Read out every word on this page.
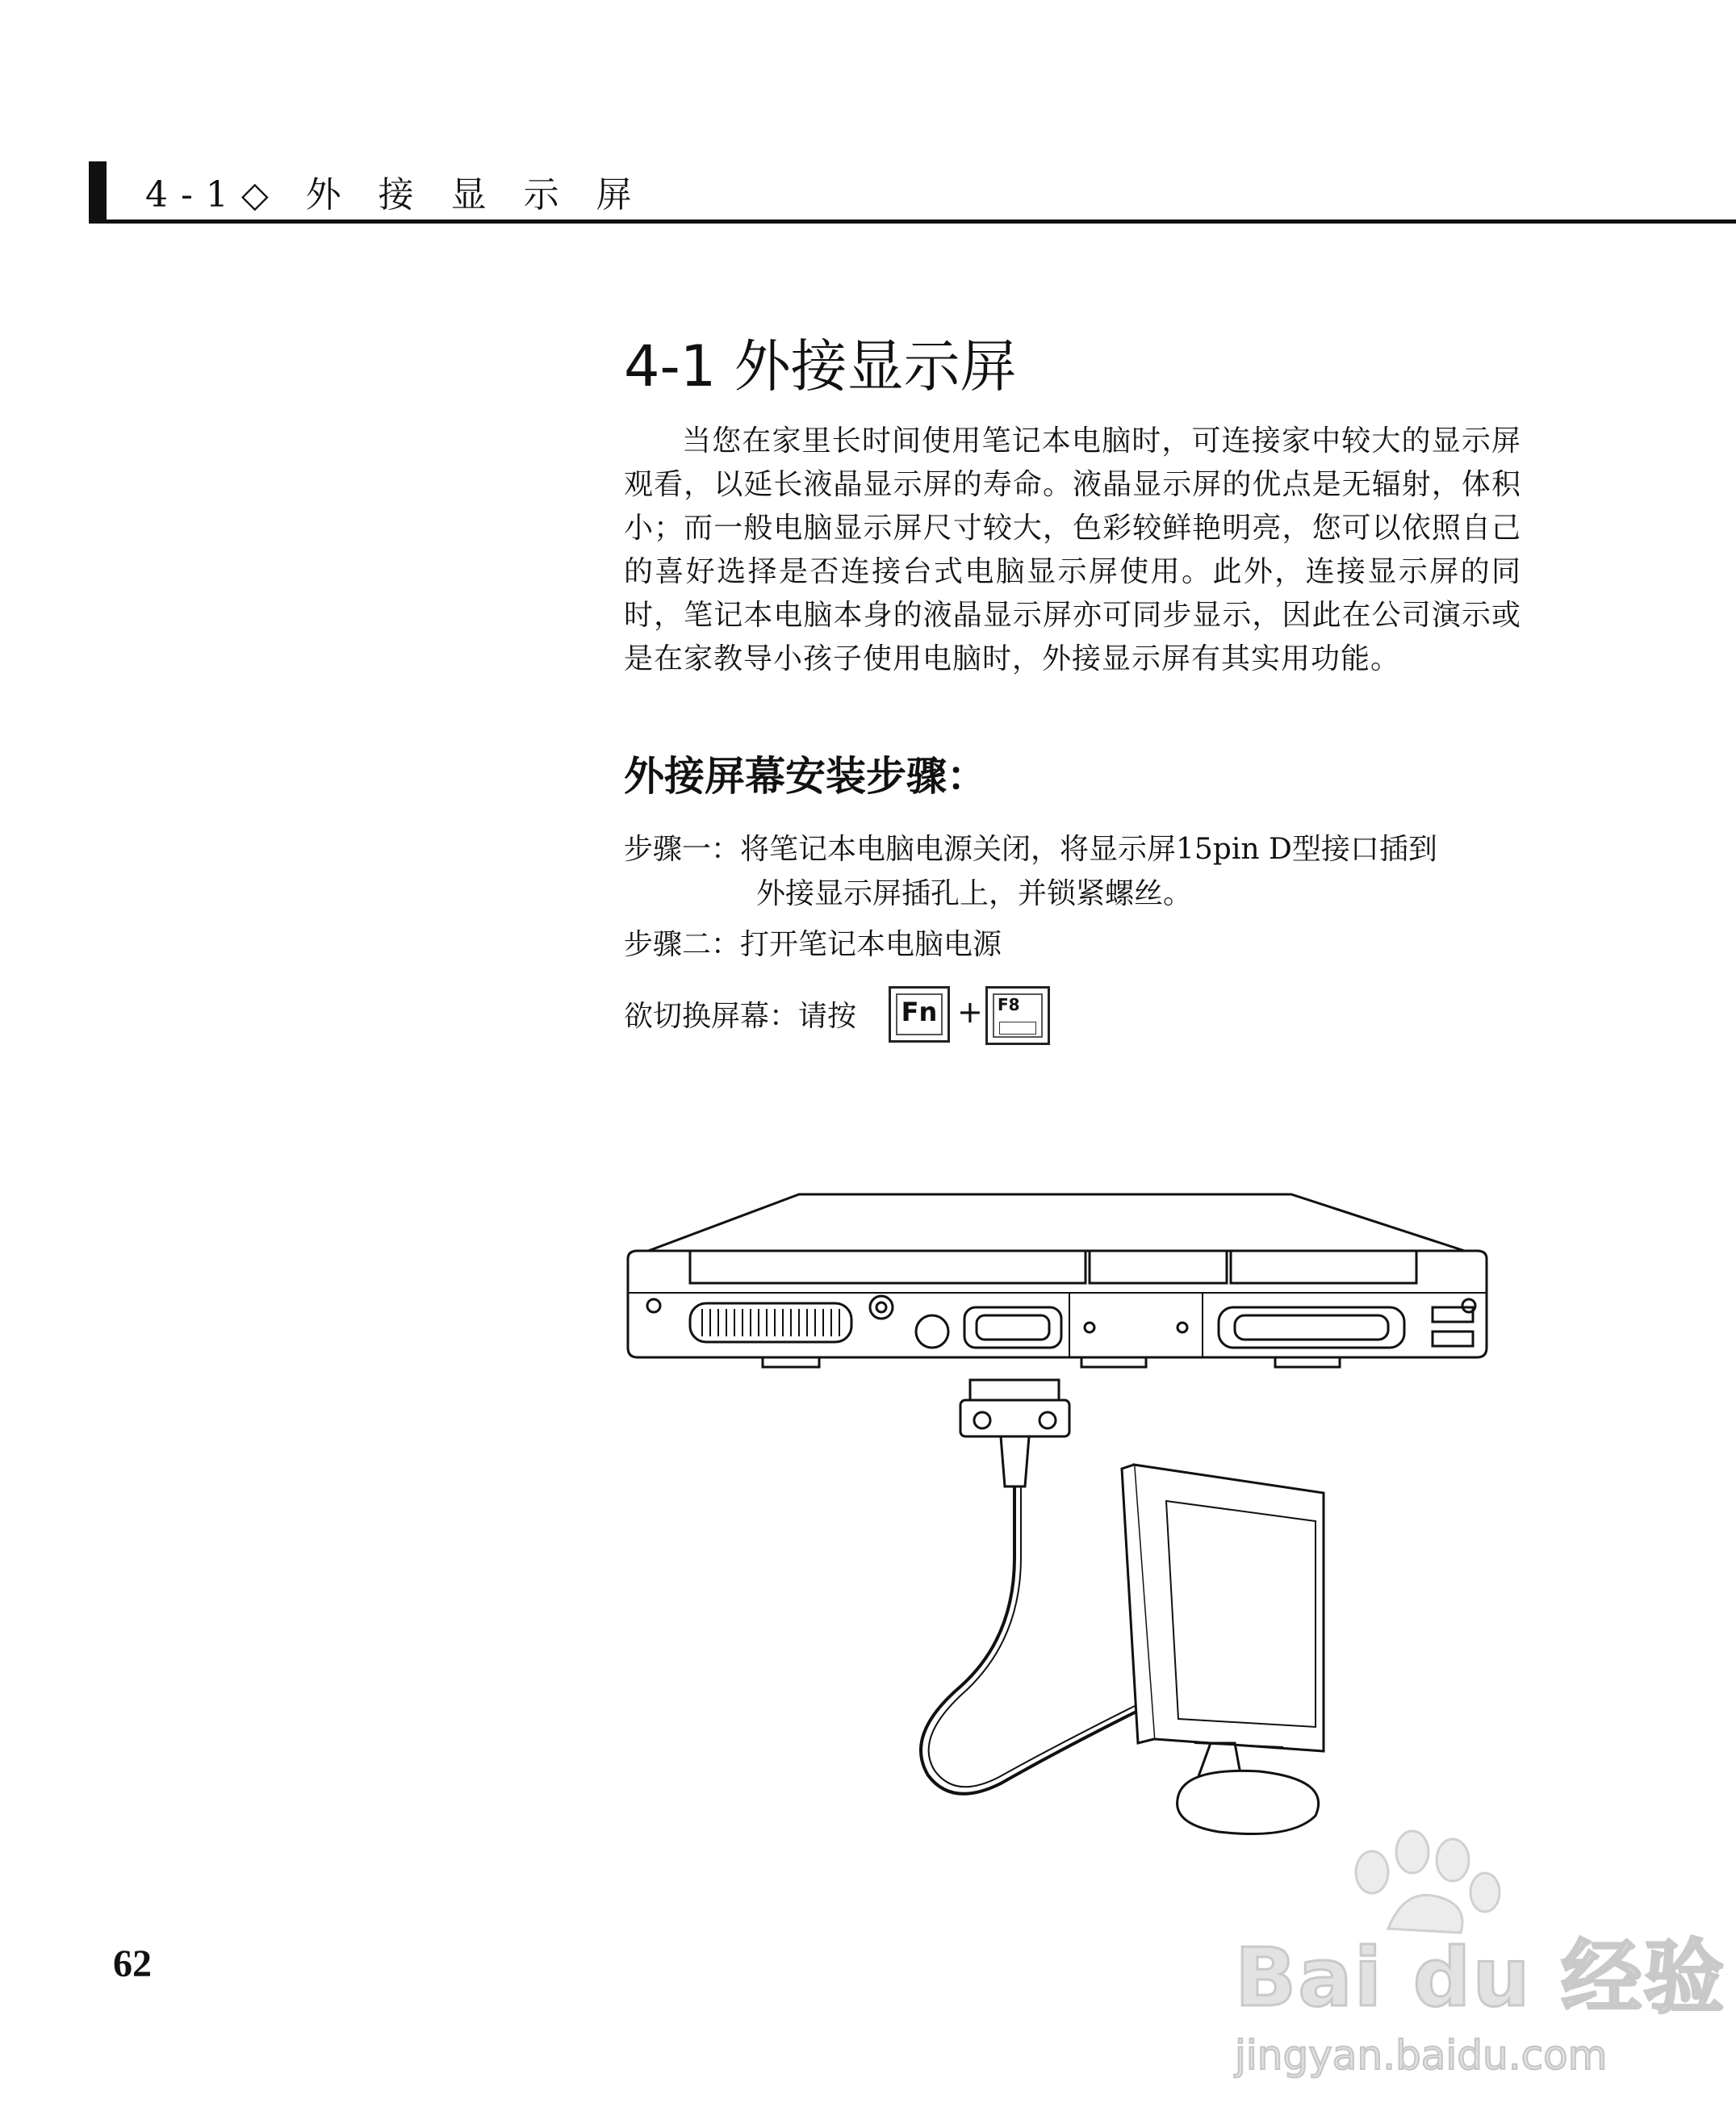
4-1◇ 外 接 显 示 屏
4-1 外接显示屏

当您在家里长时间使用笔记本电脑时，可连接家中较大的显示屏观看，以延长液晶显示屏的寿命。液晶显示屏的优点是无辐射，体积小；而一般电脑显示屏尺寸较大，色彩较鲜艳明亮，您可以依照自己的喜好选择是否连接台式电脑显示屏使用。此外，连接显示屏的同时，笔记本电脑本身的液晶显示屏亦可同步显示，因此在公司演示或是在家教导小孩子使用电脑时，外接显示屏有其实用功能。

外接屏幕安装步骤：
步骤一：将笔记本电脑电源关闭，将显示屏15pin D型接口插到
外接显示屏插孔上，并锁紧螺丝。
步骤二：打开笔记本电脑电源
欲切换屏幕：请按	Fn + F8
62	Bai du 经验
jingyan.baidu.com
